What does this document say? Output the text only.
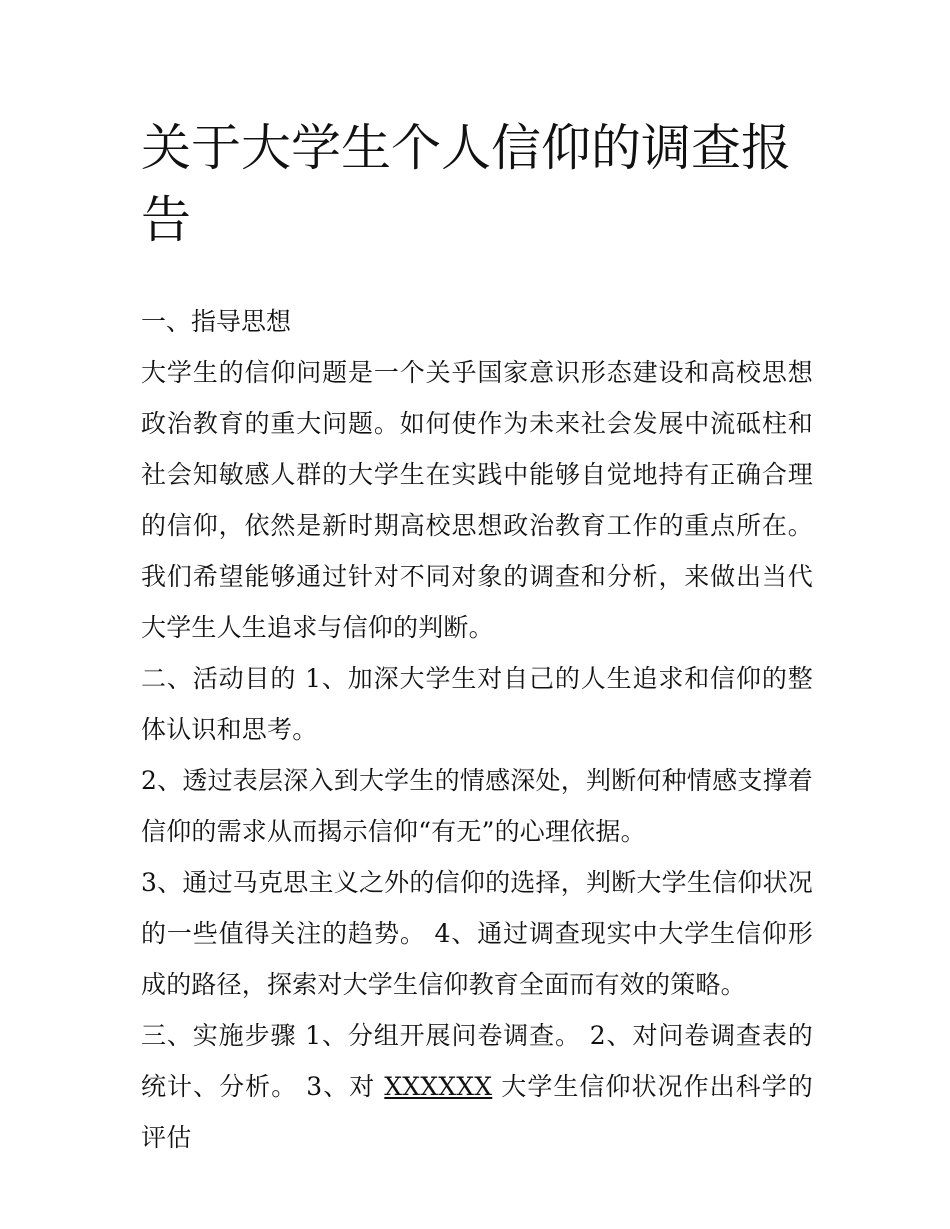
关于大学生个人信仰的调查报告

一、指导思想

大学生的信仰问题是一个关乎国家意识形态建设和高校思想政治教育的重大问题。如何使作为未来社会发展中流砥柱和社会知敏感人群的大学生在实践中能够自觉地持有正确合理的信仰，依然是新时期高校思想政治教育工作的重点所在。我们希望能够通过针对不同对象的调查和分析，来做出当代大学生人生追求与信仰的判断。

二、活动目的 1、加深大学生对自己的人生追求和信仰的整体认识和思考。

2、透过表层深入到大学生的情感深处，判断何种情感支撑着信仰的需求从而揭示信仰“有无”的心理依据。

3、通过马克思主义之外的信仰的选择，判断大学生信仰状况的一些值得关注的趋势。 4、通过调查现实中大学生信仰形成的路径，探索对大学生信仰教育全面而有效的策略。

三、实施步骤 1、分组开展问卷调查。 2、对问卷调查表的统计、分析。 3、对 XXXXXX 大学生信仰状况作出科学的评估
